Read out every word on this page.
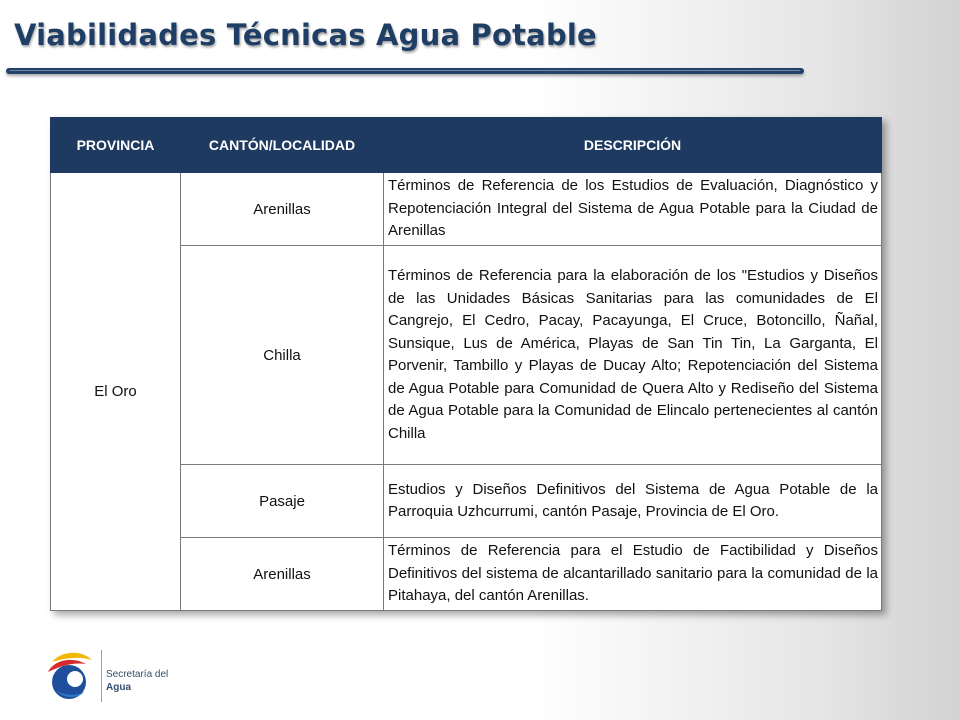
Viabilidades Técnicas Agua Potable
PROVINCIA	CANTÓN/LOCALIDAD	DESCRIPCIÓN
El Oro	Arenillas	Términos de Referencia de los Estudios de Evaluación, Diagnóstico y Repotenciación Integral del Sistema de Agua Potable para la Ciudad de Arenillas
	Chilla	Términos de Referencia para la elaboración de los "Estudios y Diseños de las Unidades Básicas Sanitarias para las comunidades de El Cangrejo, El Cedro, Pacay, Pacayunga, El Cruce, Botoncillo, Ñañal, Sunsique, Lus de América, Playas de San Tin Tin, La Garganta, El Porvenir, Tambillo y Playas de Ducay Alto; Repotenciación del Sistema de Agua Potable para Comunidad de Quera Alto y Rediseño del Sistema de Agua Potable para la Comunidad de Elincalo pertenecientes al cantón Chilla
	Pasaje	Estudios y Diseños Definitivos del Sistema de Agua Potable de la Parroquia Uzhcurrumi, cantón Pasaje, Provincia de El Oro.
	Arenillas	Términos de Referencia para el Estudio de Factibilidad y Diseños Definitivos del sistema de alcantarillado sanitario para la comunidad de la Pitahaya, del cantón Arenillas.
Secretaría del
Agua
